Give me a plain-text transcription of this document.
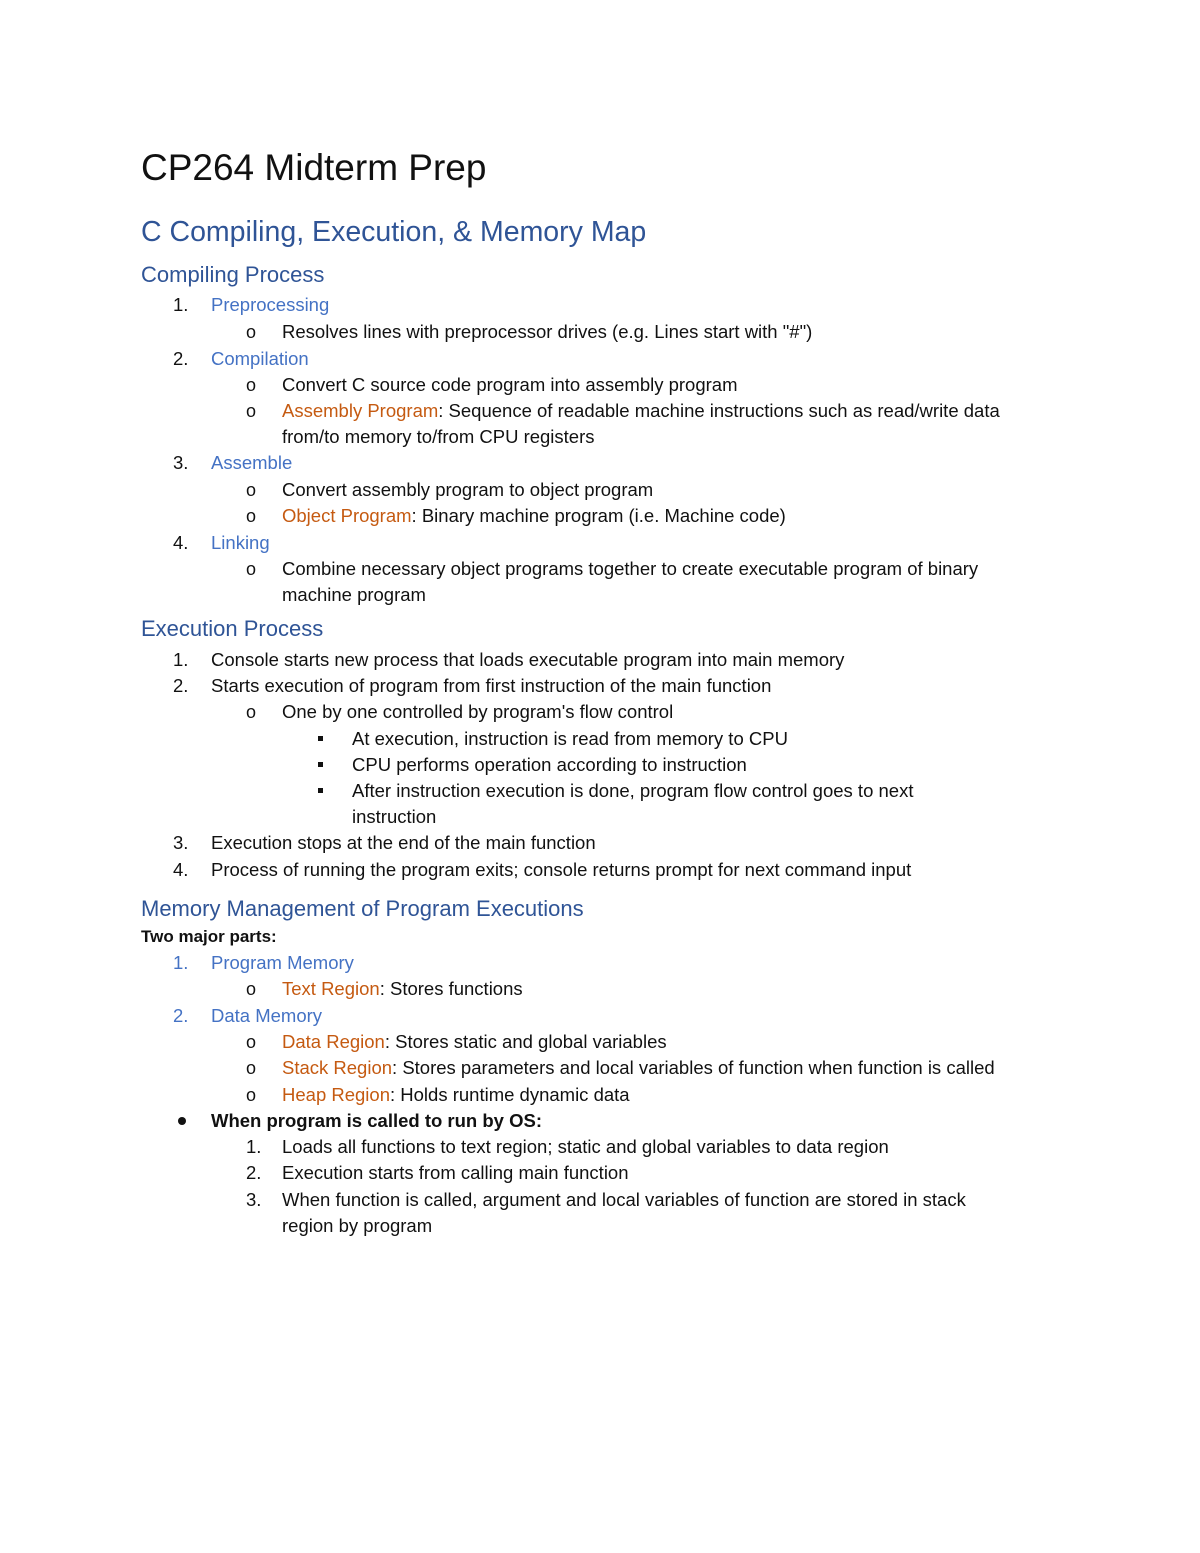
CP264 Midterm Prep
C Compiling, Execution, & Memory Map
Compiling Process
1. Preprocessing
o Resolves lines with preprocessor drives (e.g. Lines start with "#")
2. Compilation
o Convert C source code program into assembly program
o Assembly Program: Sequence of readable machine instructions such as read/write data
from/to memory to/from CPU registers
3. Assemble
o Convert assembly program to object program
o Object Program: Binary machine program (i.e. Machine code)
4. Linking
o Combine necessary object programs together to create executable program of binary
machine program
Execution Process
1. Console starts new process that loads executable program into main memory
2. Starts execution of program from first instruction of the main function
o One by one controlled by program's flow control
At execution, instruction is read from memory to CPU
CPU performs operation according to instruction
After instruction execution is done, program flow control goes to next
instruction
3. Execution stops at the end of the main function
4. Process of running the program exits; console returns prompt for next command input
Memory Management of Program Executions
Two major parts:
1. Program Memory
o Text Region: Stores functions
2. Data Memory
o Data Region: Stores static and global variables
o Stack Region: Stores parameters and local variables of function when function is called
o Heap Region: Holds runtime dynamic data
When program is called to run by OS:
1. Loads all functions to text region; static and global variables to data region
2. Execution starts from calling main function
3. When function is called, argument and local variables of function are stored in stack
region by program
